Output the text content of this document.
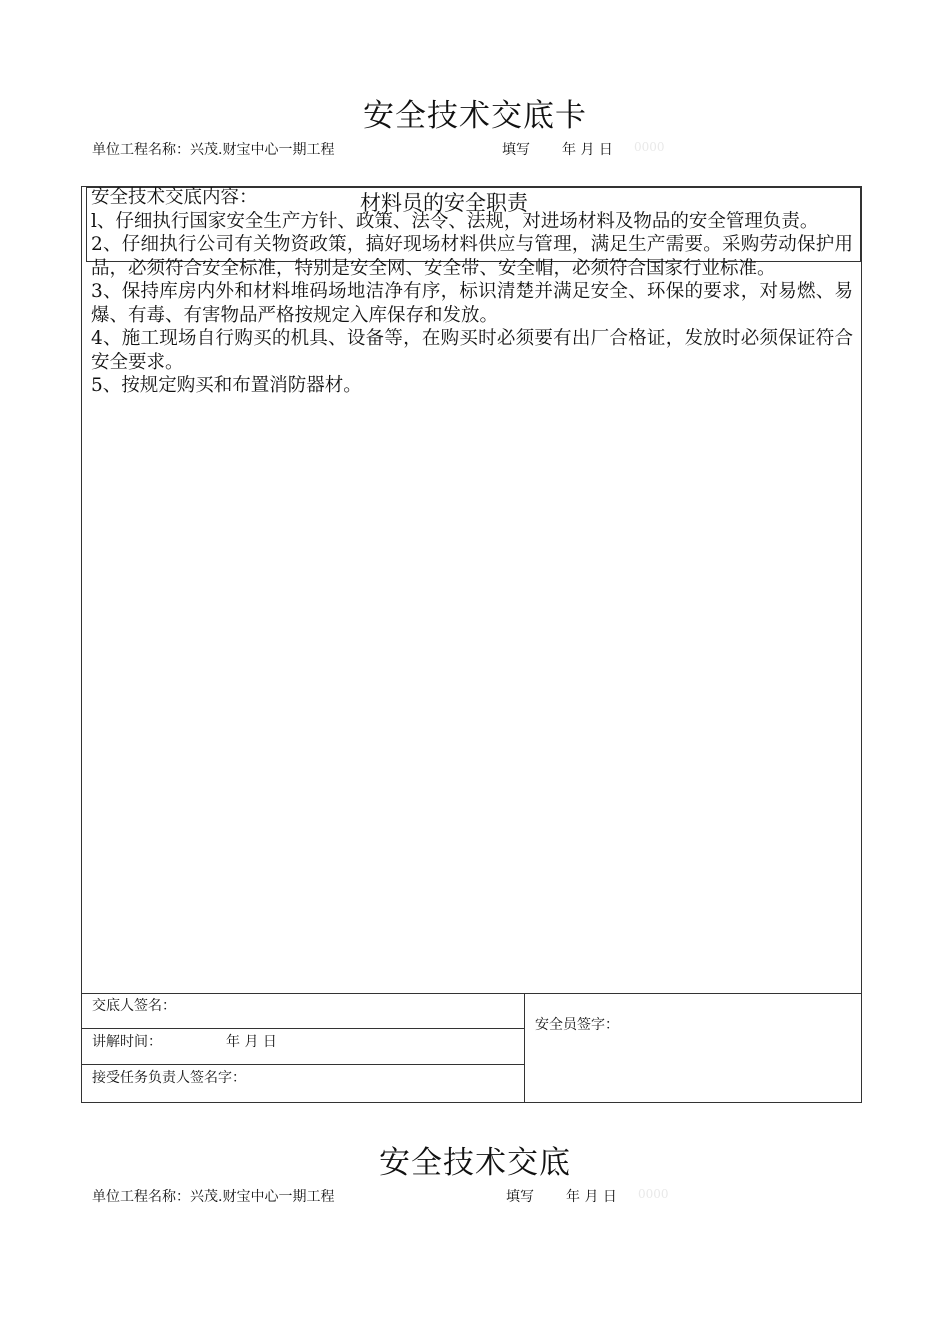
安全技术交底卡
单位工程名称：兴茂.财宝中心一期工程	填写 年 月 日 0000
材料员的安全职责

安全技术交底内容：

l、仔细执行国家安全生产方针、政策、法令、法规，对进场材料及物品的安全管理负责。

2、仔细执行公司有关物资政策，搞好现场材料供应与管理，满足生产需要。采购劳动保护用品，必须符合安全标准，特别是安全网、安全带、安全帽，必须符合国家行业标准。

3、保持库房内外和材料堆码场地洁净有序，标识清楚并满足安全、环保的要求，对易燃、易爆、有毒、有害物品严格按规定入库保存和发放。

4、施工现场自行购买的机具、设备等，在购买时必须要有出厂合格证，发放时必须保证符合安全要求。

5、按规定购买和布置消防器材。

交底人签名：
讲解时间：	年 月 日
接受任务负责人签名字：
安全员签字：
安全技术交底
单位工程名称：兴茂.财宝中心一期工程	填写 年 月 日 0000
